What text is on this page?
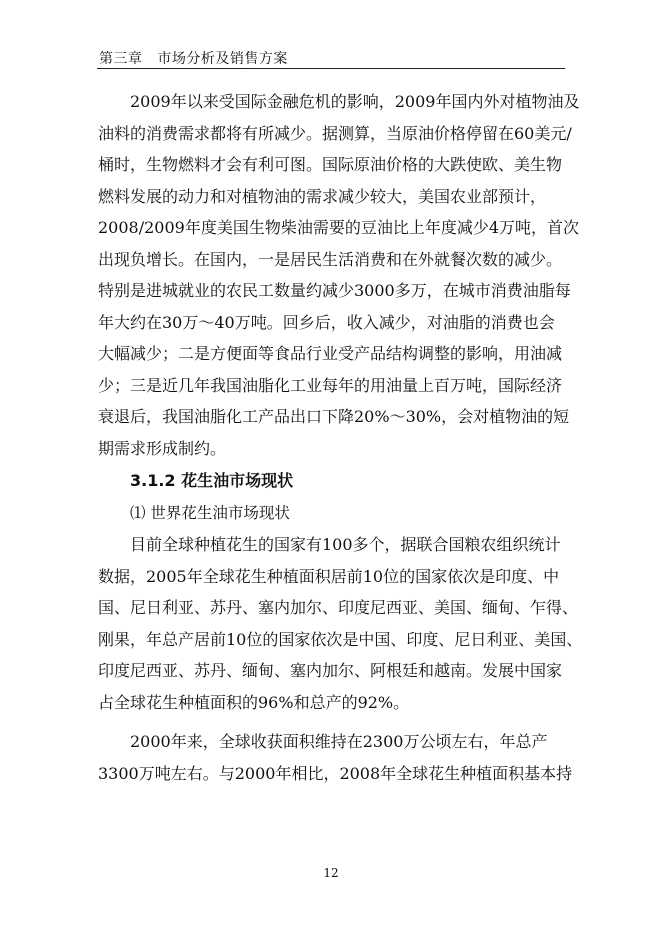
第三章 市场分析及销售方案
2009年以来受国际金融危机的影响，2009年国内外对植物油及
油料的消费需求都将有所减少。据测算，当原油价格停留在60美元/
桶时，生物燃料才会有利可图。国际原油价格的大跌使欧、美生物
燃料发展的动力和对植物油的需求减少较大，美国农业部预计，
2008/2009年度美国生物柴油需要的豆油比上年度减少4万吨，首次
出现负增长。在国内，一是居民生活消费和在外就餐次数的减少。
特别是进城就业的农民工数量约减少3000多万，在城市消费油脂每
年大约在30万～40万吨。回乡后，收入减少，对油脂的消费也会
大幅减少；二是方便面等食品行业受产品结构调整的影响，用油减
少；三是近几年我国油脂化工业每年的用油量上百万吨，国际经济
衰退后，我国油脂化工产品出口下降20%～30%，会对植物油的短
期需求形成制约。
3.1.2 花生油市场现状
⑴ 世界花生油市场现状
目前全球种植花生的国家有100多个，据联合国粮农组织统计
数据，2005年全球花生种植面积居前10位的国家依次是印度、中
国、尼日利亚、苏丹、塞内加尔、印度尼西亚、美国、缅甸、乍得、
刚果，年总产居前10位的国家依次是中国、印度、尼日利亚、美国、
印度尼西亚、苏丹、缅甸、塞内加尔、阿根廷和越南。发展中国家
占全球花生种植面积的96%和总产的92%。
2000年来，全球收获面积维持在2300万公顷左右，年总产
3300万吨左右。与2000年相比，2008年全球花生种植面积基本持
12
